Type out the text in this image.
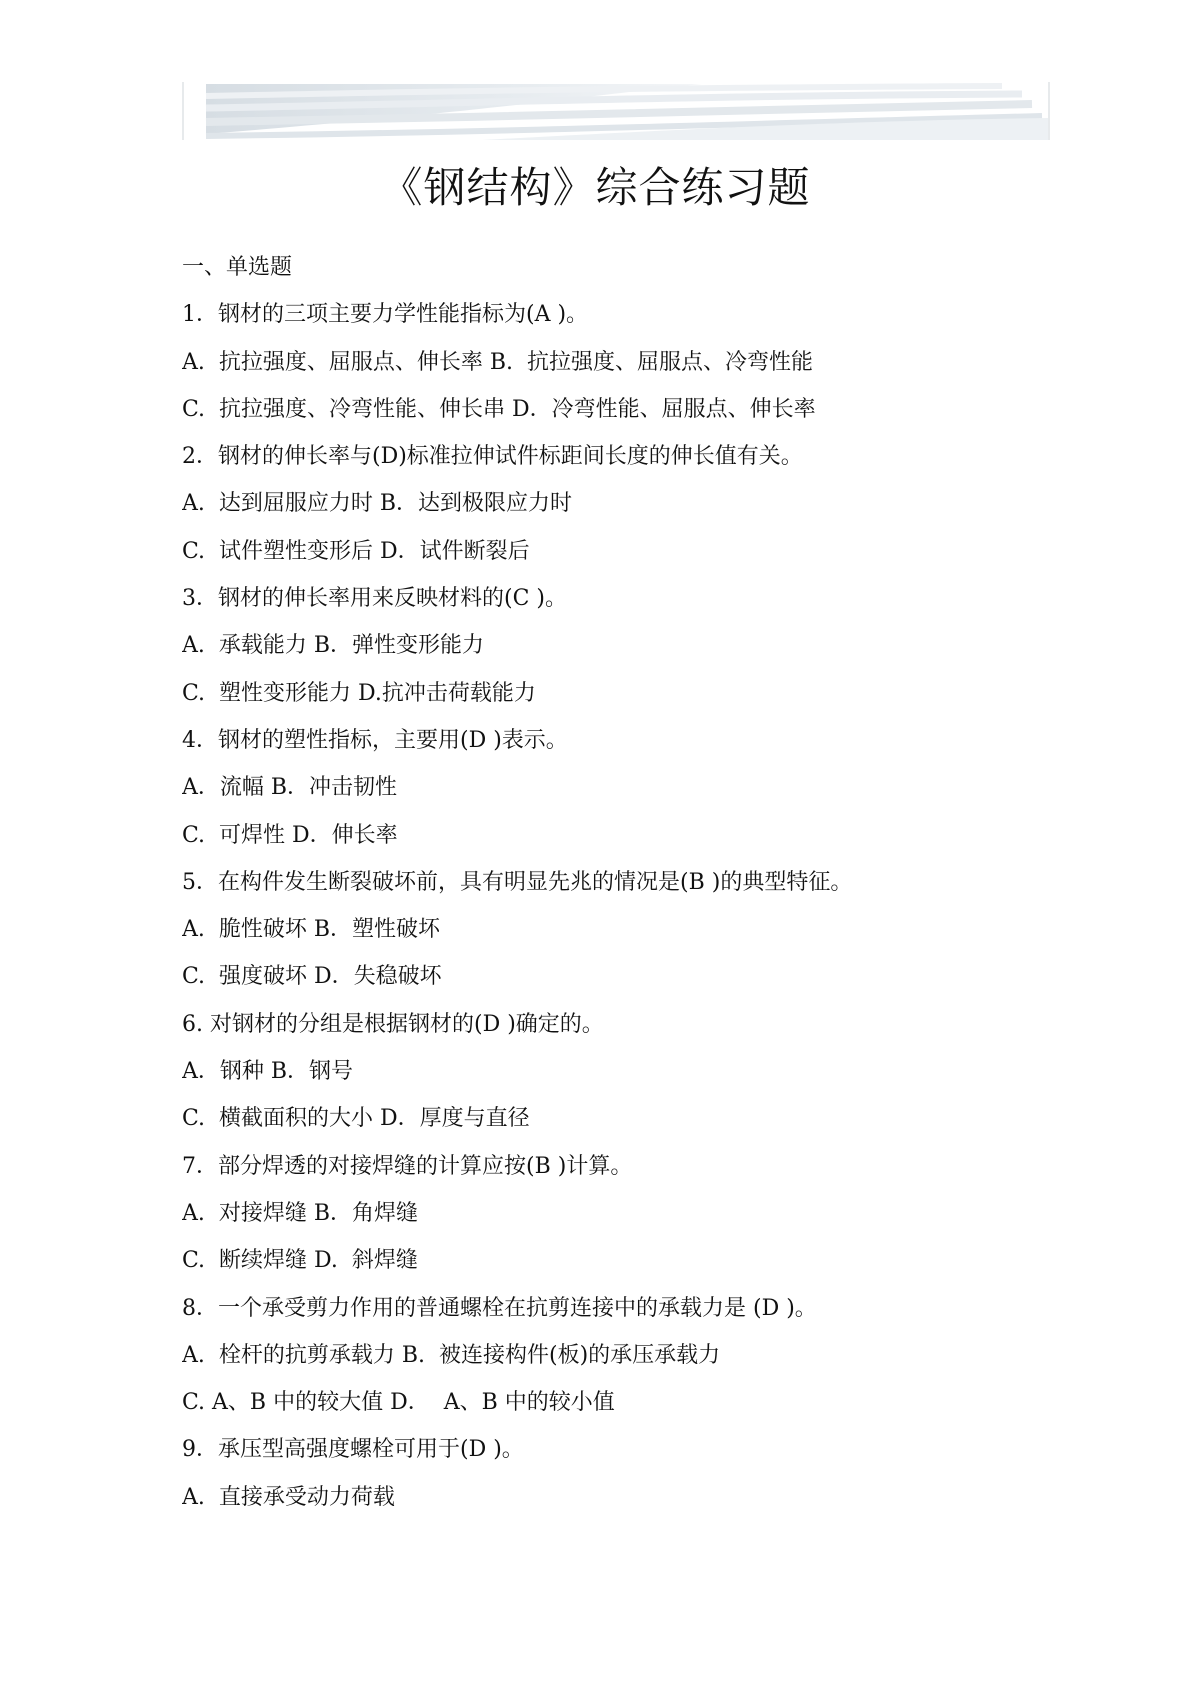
《钢结构》综合练习题
一、单选题
1．钢材的三项主要力学性能指标为(A )。
A.  抗拉强度、屈服点、伸长率 B.  抗拉强度、屈服点、冷弯性能
C.  抗拉强度、冷弯性能、伸长串 D．冷弯性能、屈服点、伸长率
2．钢材的伸长率与(D)标准拉伸试件标距间长度的伸长值有关。
A.  达到屈服应力时 B．达到极限应力时
C.  试件塑性变形后 D．试件断裂后
3．钢材的伸长率用来反映材料的(C )。
A.  承载能力 B．弹性变形能力
C.  塑性变形能力 D.抗冲击荷载能力
4．钢材的塑性指标，主要用(D )表示。
A．流幅 B．冲击韧性
C.  可焊性 D．伸长率
5．在构件发生断裂破坏前，具有明显先兆的情况是(B )的典型特征。
A.  脆性破坏 B．塑性破坏
C.  强度破坏 D．失稳破坏
6. 对钢材的分组是根据钢材的(D )确定的。
A．钢种 B．钢号
C.  横截面积的大小 D．厚度与直径
7．部分焊透的对接焊缝的计算应按(B )计算。
A.  对接焊缝 B．角焊缝
C.  断续焊缝 D.  斜焊缝
8．一个承受剪力作用的普通螺栓在抗剪连接中的承载力是 (D )。
A.  栓杆的抗剪承载力 B.  被连接构件(板)的承压承载力
C. A、B 中的较大值 D．  A、B 中的较小值
9．承压型高强度螺栓可用于(D )。
A.  直接承受动力荷载
